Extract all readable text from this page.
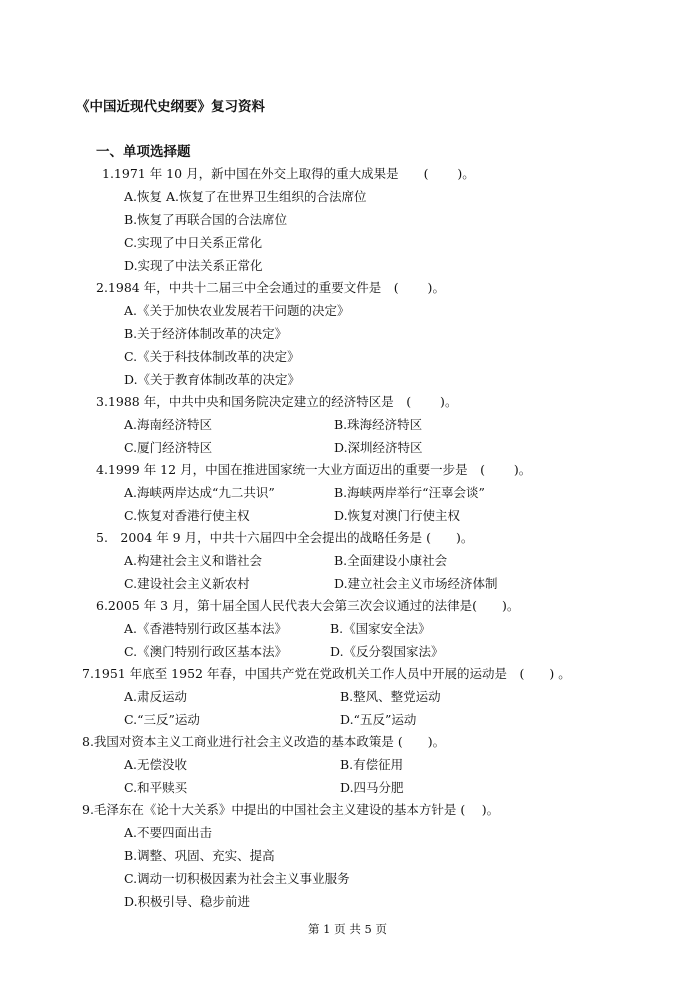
《中国近现代史纲要》复习资料
一、单项选择题
1.1971 年 10 月，新中国在外交上取得的重大成果是　　(　　 )。
A.恢复 A.恢复了在世界卫生组织的合法席位
B.恢复了再联合国的合法席位
C.实现了中日关系正常化
D.实现了中法关系正常化
2.1984 年，中共十二届三中全会通过的重要文件是　(　　 )。
A.《关于加快农业发展若干问题的决定》
B.关于经济体制改革的决定》
C.《关于科技体制改革的决定》
D.《关于教育体制改革的决定》
3.1988 年，中共中央和国务院决定建立的经济特区是　(　　 )。
A.海南经济特区	B.珠海经济特区
C.厦门经济特区	D.深圳经济特区
4.1999 年 12 月，中国在推进国家统一大业方面迈出的重要一步是　(　　 )。
A.海峡两岸达成“九二共识”	B.海峡两岸举行“汪辜会谈”
C.恢复对香港行使主权	D.恢复对澳门行使主权
5.　2004 年 9 月，中共十六届四中全会提出的战略任务是 (　　)。
A.构建社会主义和谐社会	B.全面建设小康社会
C.建设社会主义新农村	D.建立社会主义市场经济体制
6.2005 年 3 月，第十届全国人民代表大会第三次会议通过的法律是(　　)。
A.《香港特别行政区基本法》	B.《国家安全法》
C.《澳门特别行政区基本法》	D.《反分裂国家法》
7.1951 年底至 1952 年春，中国共产党在党政机关工作人员中开展的运动是　(　　) 。
A.肃反运动	B.整风、整党运动
C.“三反”运动	D.“五反”运动
8.我国对资本主义工商业进行社会主义改造的基本政策是 (　　)。
A.无偿没收	B.有偿征用
C.和平赎买	D.四马分肥
9.毛泽东在《论十大关系》中提出的中国社会主义建设的基本方针是 (　 )。
A.不要四面出击
B.调整、巩固、充实、提高
C.调动一切积极因素为社会主义事业服务
D.积极引导、稳步前进
第 1 页 共 5 页
